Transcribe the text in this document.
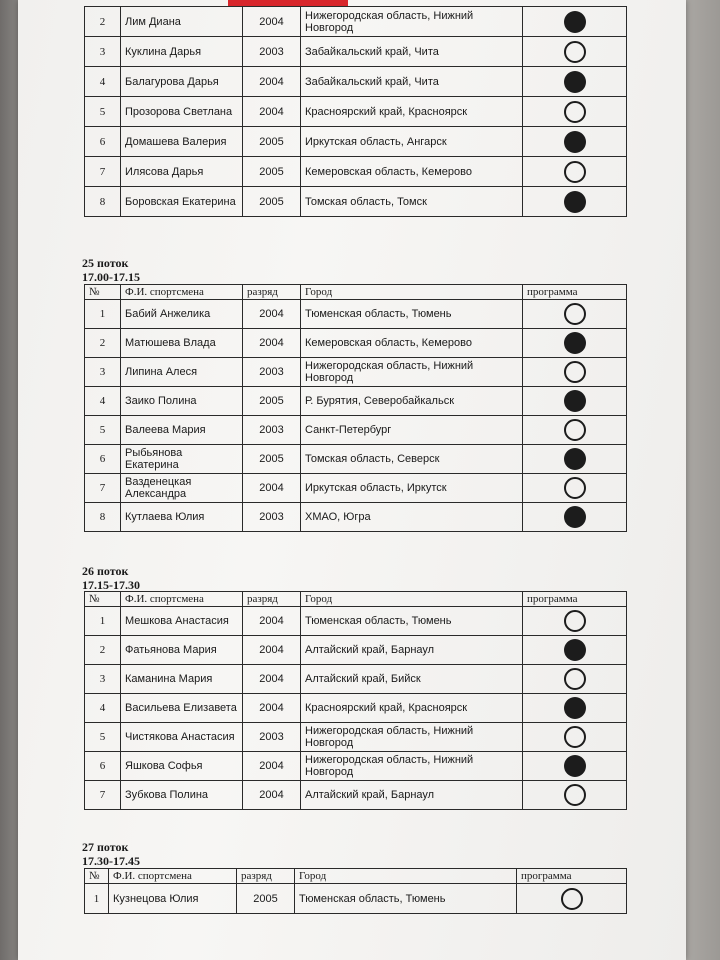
2	Лим Диана	2004	Нижегородская область, Нижний Новгород	
3	Куклина Дарья	2003	Забайкальский край, Чита	
4	Балагурова Дарья	2004	Забайкальский край, Чита	
5	Прозорова Светлана	2004	Красноярский край, Красноярск	
6	Домашева Валерия	2005	Иркутская область, Ангарск	
7	Илясова Дарья	2005	Кемеровская область, Кемерово	
8	Боровская Екатерина	2005	Томская область, Томск	
25 поток
17.00-17.15
№	Ф.И. спортсмена	разряд	Город	программа
1	Бабий Анжелика	2004	Тюменская область, Тюмень	
2	Матюшева Влада	2004	Кемеровская область, Кемерово	
3	Липина Алеся	2003	Нижегородская область, Нижний Новгород	
4	Заико Полина	2005	Р. Бурятия, Северобайкальск	
5	Валеева Мария	2003	Санкт-Петербург	
6	Рыбьянова Екатерина	2005	Томская область, Северск	
7	Вазденецкая Александра	2004	Иркутская область, Иркутск	
8	Кутлаева Юлия	2003	ХМАО, Югра	
26 поток
17.15-17.30
№	Ф.И. спортсмена	разряд	Город	программа
1	Мешкова Анастасия	2004	Тюменская область, Тюмень	
2	Фатьянова Мария	2004	Алтайский край, Барнаул	
3	Каманина Мария	2004	Алтайский край, Бийск	
4	Васильева Елизавета	2004	Красноярский край, Красноярск	
5	Чистякова Анастасия	2003	Нижегородская область, Нижний Новгород	
6	Яшкова Софья	2004	Нижегородская область, Нижний Новгород	
7	Зубкова Полина	2004	Алтайский край, Барнаул	
27 поток
17.30-17.45
№	Ф.И. спортсмена	разряд	Город	программа
1	Кузнецова Юлия	2005	Тюменская область, Тюмень	
